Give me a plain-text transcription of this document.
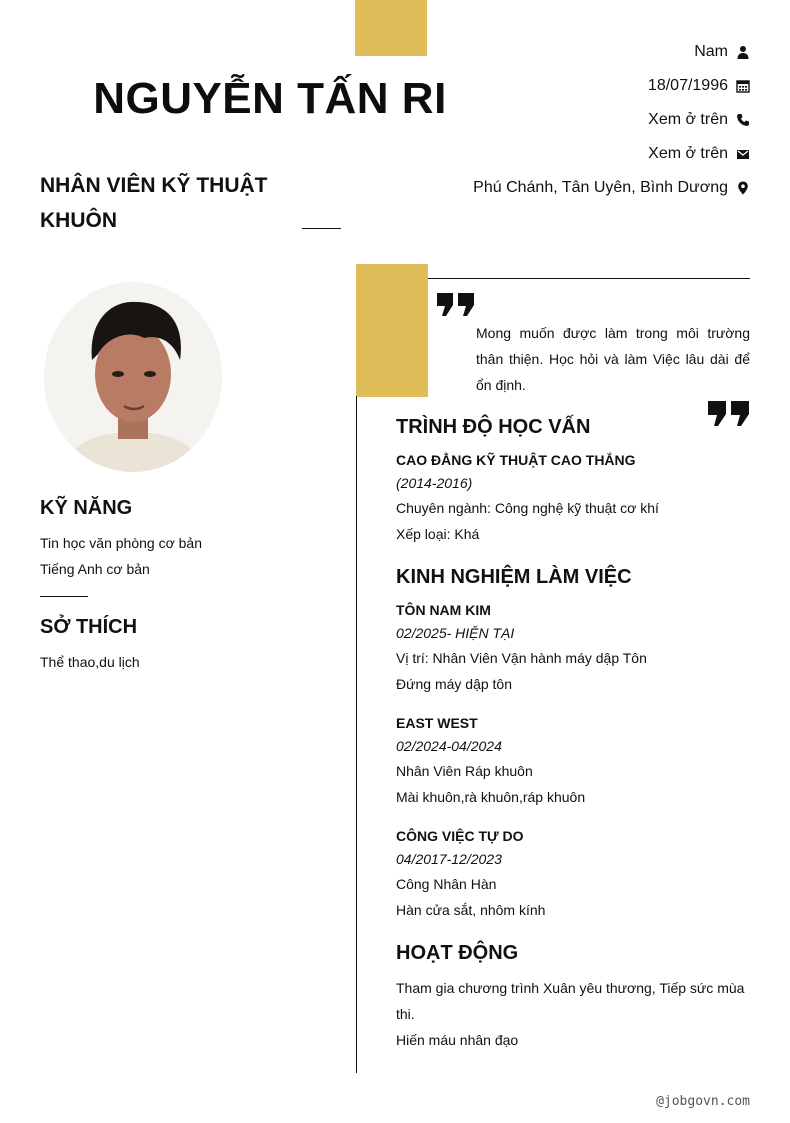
NGUYỄN TẤN RI
NHÂN VIÊN KỸ THUẬT KHUÔN
Nam
18/07/1996
Xem ở trên
Xem ở trên
Phú Chánh, Tân Uyên, Bình Dương
KỸ NĂNG
Tin học văn phòng cơ bản
Tiếng Anh cơ bản
SỞ THÍCH
Thể thao,du lịch
Mong muốn được làm trong môi trường thân thiện. Học hỏi và làm Việc lâu dài để ổn định.
TRÌNH ĐỘ HỌC VẤN
CAO ĐẲNG KỸ THUẬT CAO THẮNG
(2014-2016)
Chuyên ngành: Công nghệ kỹ thuật cơ khí
Xếp loại: Khá
KINH NGHIỆM LÀM VIỆC
TÔN NAM KIM
02/2025- HIỆN TẠI
Vị trí: Nhân Viên Vận hành máy dập Tôn
Đứng máy dập tôn
EAST WEST
02/2024-04/2024
Nhân Viên Ráp khuôn
Mài khuôn,rà khuôn,ráp khuôn
CÔNG VIỆC TỰ DO
04/2017-12/2023
Công Nhân Hàn
Hàn cửa sắt, nhôm kính
HOẠT ĐỘNG
Tham gia chương trình Xuân yêu thương, Tiếp sức mùa thi.
Hiến máu nhân đạo
@jobgovn.com
